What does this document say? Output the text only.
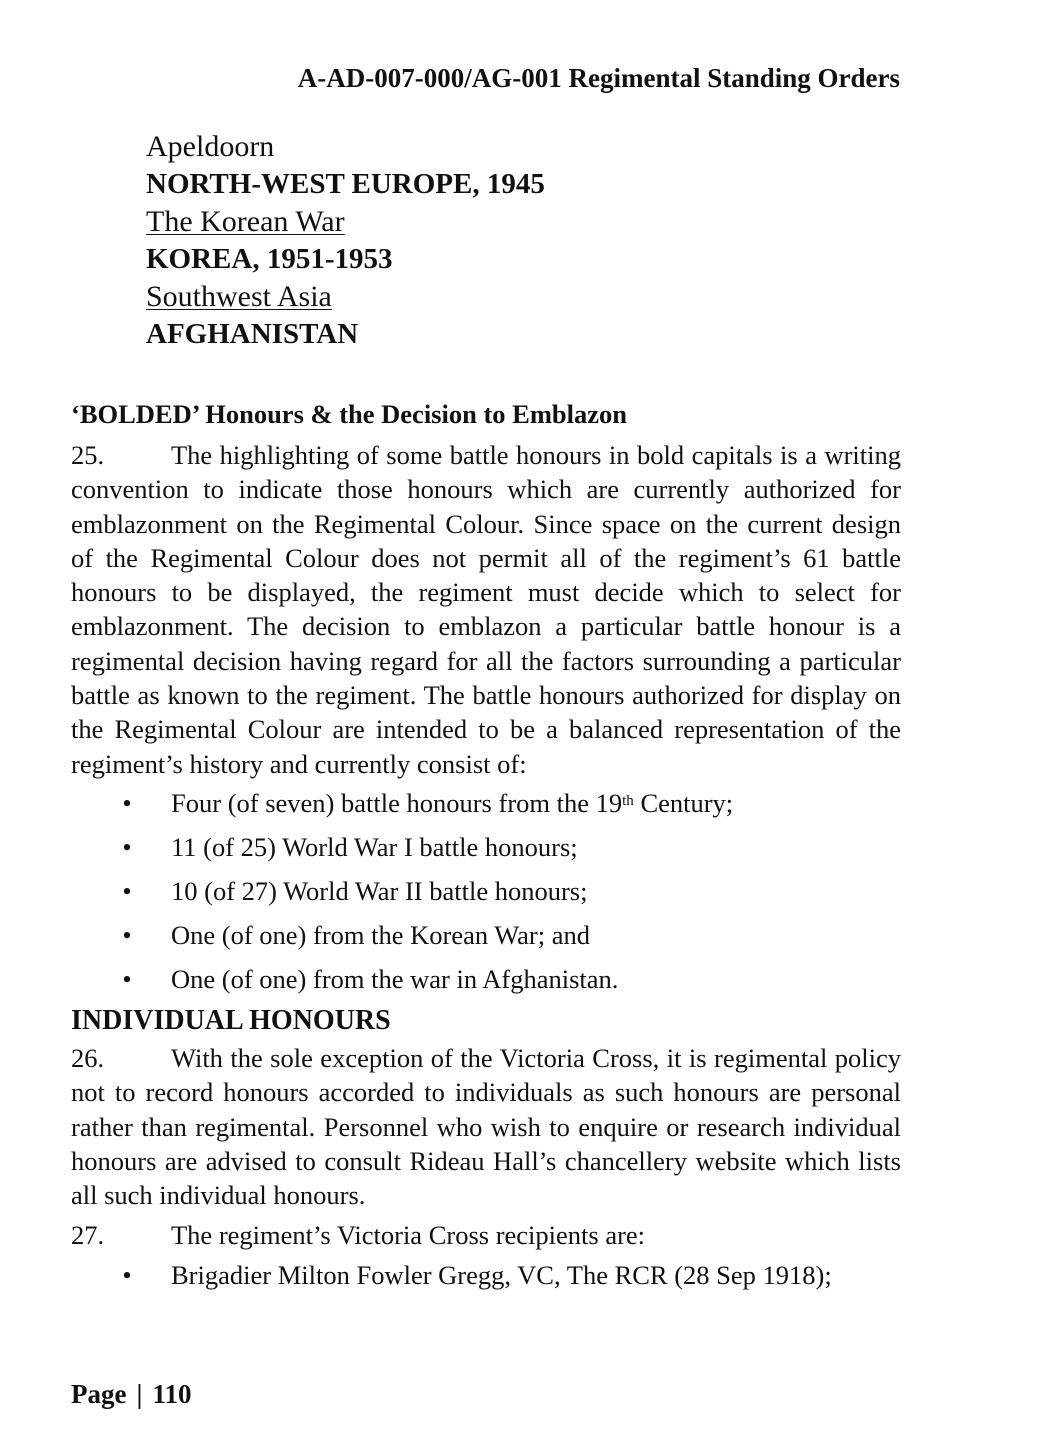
A-AD-007-000/AG-001 Regimental Standing Orders
Apeldoorn
NORTH-WEST EUROPE, 1945
The Korean War
KOREA, 1951-1953
Southwest Asia
AFGHANISTAN
‘BOLDED’ Honours & the Decision to Emblazon

25.	The highlighting of some battle honours in bold capitals is a writing convention to indicate those honours which are currently authorized for emblazonment on the Regimental Colour. Since space on the current design of the Regimental Colour does not permit all of the regiment’s 61 battle honours to be displayed, the regiment must decide which to select for emblazonment. The decision to emblazon a particular battle honour is a regimental decision having regard for all the factors surrounding a particular battle as known to the regiment. The battle honours authorized for display on the Regimental Colour are intended to be a balanced representation of the regiment’s history and currently consist of:

• Four (of seven) battle honours from the 19th Century;
• 11 (of 25) World War I battle honours;
• 10 (of 27) World War II battle honours;
• One (of one) from the Korean War; and
• One (of one) from the war in Afghanistan.
INDIVIDUAL HONOURS

26.	With the sole exception of the Victoria Cross, it is regimental policy not to record honours accorded to individuals as such honours are personal rather than regimental. Personnel who wish to enquire or research individual honours are advised to consult Rideau Hall’s chancellery website which lists all such individual honours.

27.	The regiment’s Victoria Cross recipients are:

• Brigadier Milton Fowler Gregg, VC, The RCR (28 Sep 1918);
Page | 110
